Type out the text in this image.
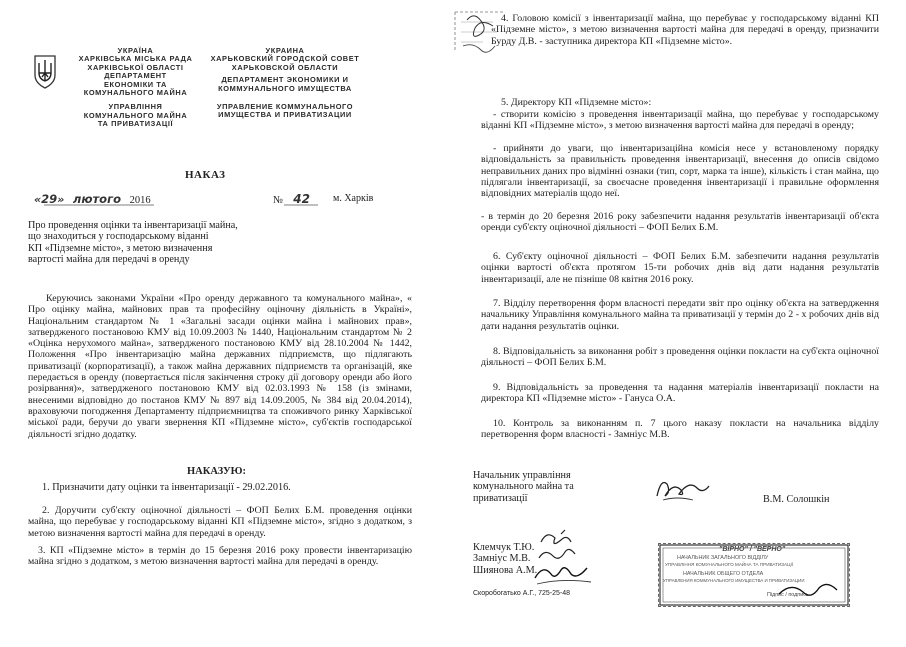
УКРАЇНА
ХАРКІВСЬКА МІСЬКА РАДА
ХАРКІВСЬКОЇ ОБЛАСТІ
ДЕПАРТАМЕНТ
ЕКОНОМІКИ ТА
КОМУНАЛЬНОГО МАЙНА
УПРАВЛІННЯ
КОМУНАЛЬНОГО МАЙНА
ТА ПРИВАТИЗАЦІЇ
УКРАИНА
ХАРЬКОВСКИЙ ГОРОДСКОЙ СОВЕТ
ХАРЬКОВСКОЙ ОБЛАСТИ
ДЕПАРТАМЕНТ ЭКОНОМИКИ И
КОММУНАЛЬНОГО ИМУЩЕСТВА
УПРАВЛЕНИЕ КОММУНАЛЬНОГО
ИМУЩЕСТВА И ПРИВАТИЗАЦИИ
НАКАЗ
«29» лютого 2016	№ 42	м. Харків
Про проведення оцінки та інвентаризації майна,
що знаходиться у господарському віданні
КП «Підземне місто», з метою визначення
вартості майна для передачі в оренду
Керуючись законами України «Про оренду державного та комунального майна», « Про оцінку майна, майнових прав та професійну оціночну діяльність в Україні», Національним стандартом № 1 «Загальні засади оцінки майна і майнових прав», затвердженого постановою КМУ від 10.09.2003 № 1440, Національним стандартом № 2 «Оцінка нерухомого майна», затвердженого постановою КМУ від 28.10.2004 № 1442, Положення «Про інвентаризацію майна державних підприємств, що підлягають приватизації (корпоратизації), а також майна державних підприємств та організацій, яке передається в оренду (повертається після закінчення строку дії договору оренди або його розірвання)», затвердженого постановою КМУ від 02.03.1993 № 158 (із змінами, внесеними відповідно до постанов КМУ № 897 від 14.09.2005, № 384 від 20.04.2014), враховуючи погодження Департаменту підприємництва та споживчого ринку Харківської міської ради, беручи до уваги звернення КП «Підземне місто», суб'єктів господарської діяльності згідно додатку.
НАКАЗУЮ:
1. Призначити дату оцінки та інвентаризації - 29.02.2016.
2. Доручити суб'єкту оціночної діяльності – ФОП Белих Б.М. проведення оцінки майна, що перебуває у господарському віданні КП «Підземне місто», згідно з додатком, з метою визначення вартості майна для передачі в оренду.
3. КП «Підземне місто» в термін до 15 березня 2016 року провести інвентаризацію майна згідно з додатком, з метою визначення вартості майна для передачі в оренду.
4. Головою комісії з інвентаризації майна, що перебуває у господарському віданні КП «Підземне місто», з метою визначення вартості майна для передачі в оренду, призначити Бурду Д.В. - заступника директора КП «Підземне місто».
5. Директору КП «Підземне місто»:
- створити комісію з проведення інвентаризації майна, що перебуває у господарському віданні КП «Підземне місто», з метою визначення вартості майна для передачі в оренду;
- прийняти до уваги, що інвентаризаційна комісія несе у встановленому порядку відповідальність за правильність проведення інвентаризації, внесення до описів свідомо неправильних даних про відмінні ознаки (тип, сорт, марка та інше), кількість і стан майна, що підлягали інвентаризації, за своєчасне проведення інвентаризації і правильне оформлення відповідних матеріалів щодо неї.
- в термін до 20 березня 2016 року забезпечити надання результатів інвентаризації об'єкта оренди суб'єкту оціночної діяльності – ФОП Белих Б.М.
6. Суб'єкту оціночної діяльності – ФОП Белих Б.М. забезпечити надання результатів оцінки вартості об'єкта протягом 15-ти робочих днів від дати надання результатів інвентаризації, але не пізніше 08 квітня 2016 року.
7. Відділу перетворення форм власності передати звіт про оцінку об'єкта на затвердження начальнику Управління комунального майна та приватизації у термін до 2 - х робочих днів від дати надання результатів оцінки.
8. Відповідальність за виконання робіт з проведення оцінки покласти на суб'єкта оціночної діяльності – ФОП Белих Б.М.
9. Відповідальність за проведення та надання матеріалів інвентаризації покласти на директора КП «Підземне місто» - Гануса О.А.
10. Контроль за виконанням п. 7 цього наказу покласти на начальника відділу перетворення форм власності - Замніус М.В.
Начальник управління
комунального майна та
приватизації	В.М. Солошкін
Клемчук Т.Ю.
Замніус М.В.
Шиянова А.М.
Скоробогатько А.Г., 725-25-48
"ВІРНО" / "ВЕРНО"
НАЧАЛЬНИК ЗАГАЛЬНОГО ВІДДІЛУ
УПРАВЛІННЯ КОМУНАЛЬНОГО МАЙНА ТА ПРИВАТИЗАЦІЇ
НАЧАЛЬНИК ОБЩЕГО ОТДЕЛА
УПРАВЛЕНИЯ КОММУНАЛЬНОГО ИМУЩЕСТВА И ПРИВАТИЗАЦИИ
Підпис / подпись
